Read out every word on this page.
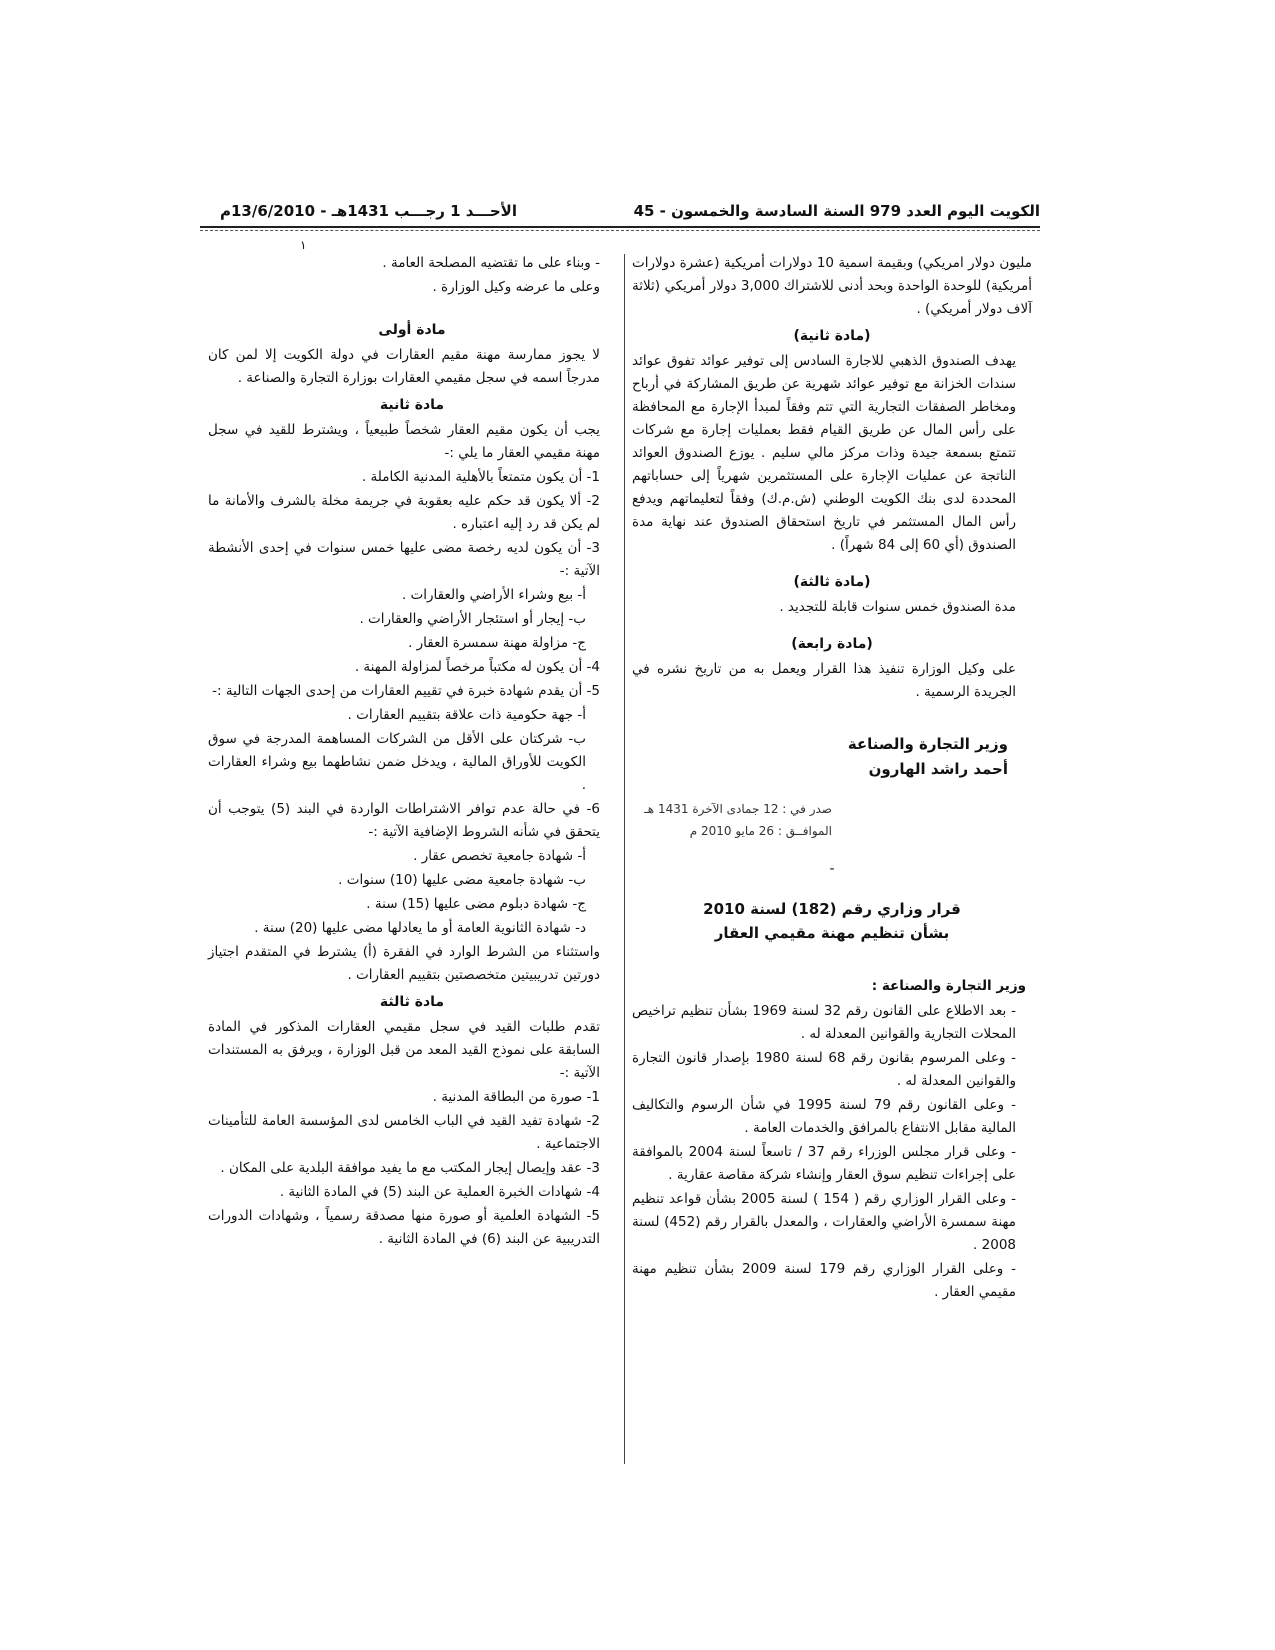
الكويت اليوم العدد 979 السنة السادسة والخمسون - 45
الأحـــد 1 رجـــب 1431هـ - 13/6/2010م
١

مليون دولار امريكي) وبقيمة اسمية 10 دولارات أمريكية (عشرة دولارات أمريكية) للوحدة الواحدة وبحد أدنى للاشتراك 3,000 دولار أمريكي (ثلاثة آلاف دولار أمريكي) .

(مادة ثانية)

يهدف الصندوق الذهبي للاجارة السادس إلى توفير عوائد تفوق عوائد سندات الخزانة مع توفير عوائد شهرية عن طريق المشاركة في أرباح ومخاطر الصفقات التجارية التي تتم وفقاً لمبدأ الإجارة مع المحافظة على رأس المال عن طريق القيام فقط بعمليات إجارة مع شركات تتمتع بسمعة جيدة وذات مركز مالي سليم . يوزع الصندوق العوائد الناتجة عن عمليات الإجارة على المستثمرين شهرياً إلى حساباتهم المحددة لدى بنك الكويت الوطني (ش.م.ك) وفقاً لتعليماتهم ويدفع رأس المال المستثمر في تاريخ استحقاق الصندوق عند نهاية مدة الصندوق (أي 60 إلى 84 شهراً) .

(مادة ثالثة)

مدة الصندوق خمس سنوات قابلة للتجديد .

(مادة رابعة)

على وكيل الوزارة تنفيذ هذا القرار ويعمل به من تاريخ نشره في الجريدة الرسمية .

وزير التجارة والصناعة
أحمد راشد الهارون
صدر في : 12 جمادى الآخرة 1431 هـ
الموافــق : 26 مايو 2010 م
-
قرار وزاري رقم (182) لسنة 2010
بشأن تنظيم مهنة مقيمي العقار
وزير التجارة والصناعة :

- بعد الاطلاع على القانون رقم 32 لسنة 1969 بشأن تنظيم تراخيص المحلات التجارية والقوانين المعدلة له .

- وعلى المرسوم بقانون رقم 68 لسنة 1980 بإصدار قانون التجارة والقوانين المعدلة له .

- وعلى القانون رقم 79 لسنة 1995 في شأن الرسوم والتكاليف المالية مقابل الانتفاع بالمرافق والخدمات العامة .

- وعلى قرار مجلس الوزراء رقم 37 / تاسعاً لسنة 2004 بالموافقة على إجراءات تنظيم سوق العقار وإنشاء شركة مقاصة عقارية .

- وعلى القرار الوزاري رقم ( 154 ) لسنة 2005 بشأن قواعد تنظيم مهنة سمسرة الأراضي والعقارات ، والمعدل بالقرار رقم (452) لسنة 2008 .

- وعلى القرار الوزاري رقم 179 لسنة 2009 بشأن تنظيم مهنة مقيمي العقار .

- وبناء على ما تقتضيه المصلحة العامة .

وعلى ما عرضه وكيل الوزارة .

مادة أولى

لا يجوز ممارسة مهنة مقيم العقارات في دولة الكويت إلا لمن كان مدرجاً اسمه في سجل مقيمي العقارات بوزارة التجارة والصناعة .

مادة ثانية

يجب أن يكون مقيم العقار شخصاً طبيعياً ، ويشترط للقيد في سجل مهنة مقيمي العقار ما يلي :-

1- أن يكون متمتعاً بالأهلية المدنية الكاملة .

2- ألا يكون قد حكم عليه بعقوبة في جريمة مخلة بالشرف والأمانة ما لم يكن قد رد إليه اعتباره .

3- أن يكون لديه رخصة مضى عليها خمس سنوات في إحدى الأنشطة الآتية :-

أ- بيع وشراء الأراضي والعقارات .

ب- إيجار أو استئجار الأراضي والعقارات .

ج- مزاولة مهنة سمسرة العقار .

4- أن يكون له مكتباً مرخصاً لمزاولة المهنة .

5- أن يقدم شهادة خبرة في تقييم العقارات من إحدى الجهات التالية :-

أ- جهة حكومية ذات علاقة بتقييم العقارات .

ب- شركتان على الأقل من الشركات المساهمة المدرجة في سوق الكويت للأوراق المالية ، ويدخل ضمن نشاطهما بيع وشراء العقارات .

6- في حالة عدم توافر الاشتراطات الواردة في البند (5) يتوجب أن يتحقق في شأنه الشروط الإضافية الآتية :-

أ- شهادة جامعية تخصص عقار .

ب- شهادة جامعية مضى عليها (10) سنوات .

ج- شهادة دبلوم مضى عليها (15) سنة .

د- شهادة الثانوية العامة أو ما يعادلها مضى عليها (20) سنة .

واستثناء من الشرط الوارد في الفقرة (أ) يشترط في المتقدم اجتياز دورتين تدريبيتين متخصصتين بتقييم العقارات .

مادة ثالثة

تقدم طلبات القيد في سجل مقيمي العقارات المذكور في المادة السابقة على نموذج القيد المعد من قبل الوزارة ، ويرفق به المستندات الآتية :-

1- صورة من البطاقة المدنية .

2- شهادة تفيد القيد في الباب الخامس لدى المؤسسة العامة للتأمينات الاجتماعية .

3- عقد وإيصال إيجار المكتب مع ما يفيد موافقة البلدية على المكان .

4- شهادات الخبرة العملية عن البند (5) في المادة الثانية .

5- الشهادة العلمية أو صورة منها مصدقة رسمياً ، وشهادات الدورات التدريبية عن البند (6) في المادة الثانية .
